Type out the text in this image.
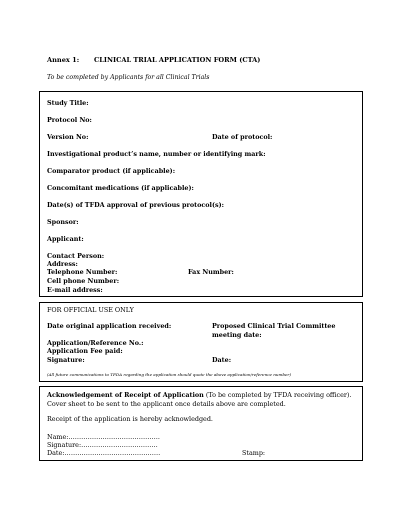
Annex 1: CLINICAL TRIAL APPLICATION FORM (CTA)
To be completed by Applicants for all Clinical Trials
Study Title:
Protocol No:
Version No:	Date of protocol:
Investigational product’s name, number or identifying mark:
Comparator product (if applicable):
Concomitant medications (if applicable):
Date(s) of TFDA approval of previous protocol(s):
Sponsor:
Applicant:
Contact Person:
Address:
Telephone Number:	Fax Number:
Cell phone Number:
E-mail address:
FOR OFFICIAL USE ONLY
Date original application received:	Proposed Clinical Trial Committee
meeting date:
Application/Reference No.:
Application Fee paid:
Signature:	Date:
(All future communications to TFDA regarding the application should quote the above application/reference number)
Acknowledgement of Receipt of Application (To be completed by TFDA receiving officer). Cover sheet to be sent to the applicant once details above are completed.
Receipt of the application is hereby acknowledged.
Name:…………………………………….
Signature:………………………………
Date:………………………………………	Stamp:
